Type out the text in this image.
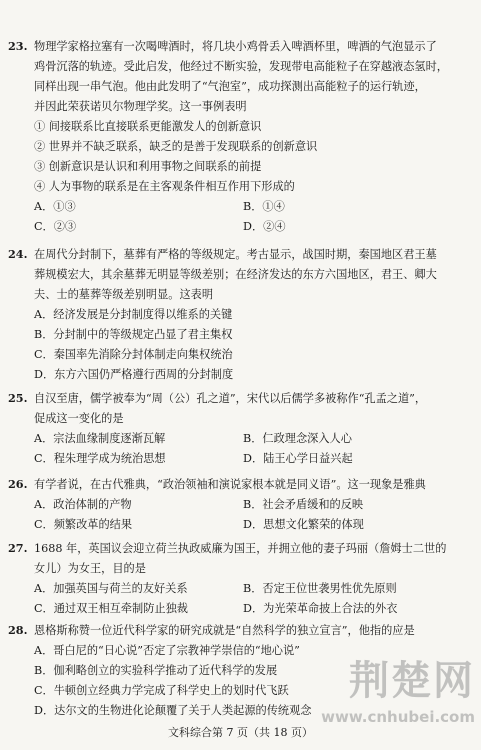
23. 物理学家格拉塞有一次喝啤酒时，将几块小鸡骨丢入啤酒杯里，啤酒的气泡显示了
鸡骨沉落的轨迹。受此启发，他经过不断实验，发现带电高能粒子在穿越液态氢时，
同样出现一串气泡。他由此发明了“气泡室”，成功探测出高能粒子的运行轨迹，
并因此荣获诺贝尔物理学奖。这一事例表明
① 间接联系比直接联系更能激发人的创新意识
② 世界并不缺乏联系，缺乏的是善于发现联系的创新意识
③ 创新意识是认识和利用事物之间联系的前提
④ 人为事物的联系是在主客观条件相互作用下形成的
A．①③	B．①④
C．②③	D．②④
24. 在周代分封制下，墓葬有严格的等级规定。考古显示，战国时期，秦国地区君王墓
葬规模宏大，其余墓葬无明显等级差别；在经济发达的东方六国地区，君王、卿大
夫、士的墓葬等级差别明显。这表明
A．经济发展是分封制度得以维系的关键
B．分封制中的等级规定凸显了君主集权
C．秦国率先消除分封体制走向集权统治
D．东方六国仍严格遵行西周的分封制度
25. 自汉至唐，儒学被奉为“周（公）孔之道”，宋代以后儒学多被称作“孔孟之道”，
促成这一变化的是
A．宗法血缘制度逐渐瓦解	B．仁政理念深入人心
C．程朱理学成为统治思想	D．陆王心学日益兴起
26. 有学者说，在古代雅典，“政治领袖和演说家根本就是同义语”。这一现象是雅典
A．政治体制的产物	B．社会矛盾缓和的反映
C．频繁改革的结果	D．思想文化繁荣的体现
27. 1688 年，英国议会迎立荷兰执政威廉为国王，并拥立他的妻子玛丽（詹姆士二世的
女儿）为女王，目的是
A．加强英国与荷兰的友好关系	B．否定王位世袭男性优先原则
C．通过双王相互牵制防止独裁	D．为光荣革命披上合法的外衣
28. 恩格斯称赞一位近代科学家的研究成就是“自然科学的独立宣言”，他指的应是
A．哥白尼的“日心说”否定了宗教神学崇信的“地心说”
B．伽利略创立的实验科学推动了近代科学的发展
C．牛顿创立经典力学完成了科学史上的划时代飞跃
D．达尔文的生物进化论颠覆了关于人类起源的传统观念
荆楚网
www.cnhubei.com
文科综合第 7 页（共 18 页）
